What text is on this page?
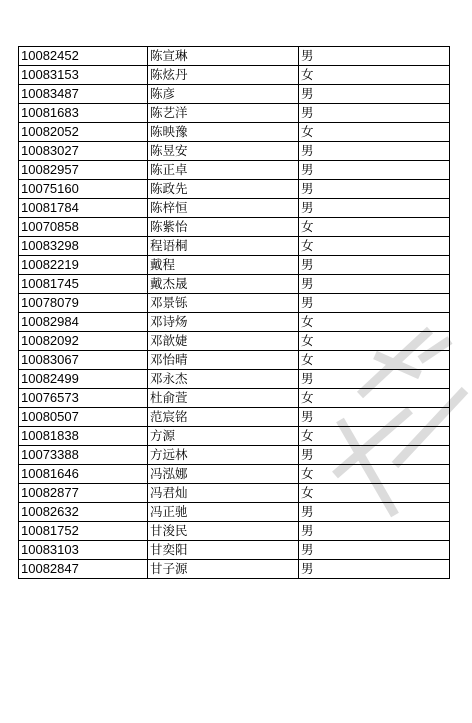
10082452	陈宣琳	男
10083153	陈炫丹	女
10083487	陈彦	男
10081683	陈艺洋	男
10082052	陈映豫	女
10083027	陈昱安	男
10082957	陈正卓	男
10075160	陈政先	男
10081784	陈梓恒	男
10070858	陈紫怡	女
10083298	程语桐	女
10082219	戴程	男
10081745	戴杰晟	男
10078079	邓景铄	男
10082984	邓诗炀	女
10082092	邓歆婕	女
10083067	邓怡晴	女
10082499	邓永杰	男
10076573	杜俞萱	女
10080507	范宸铭	男
10081838	方源	女
10073388	方远林	男
10081646	冯泓娜	女
10082877	冯君灿	女
10082632	冯正驰	男
10081752	甘浚民	男
10083103	甘奕阳	男
10082847	甘子源	男
